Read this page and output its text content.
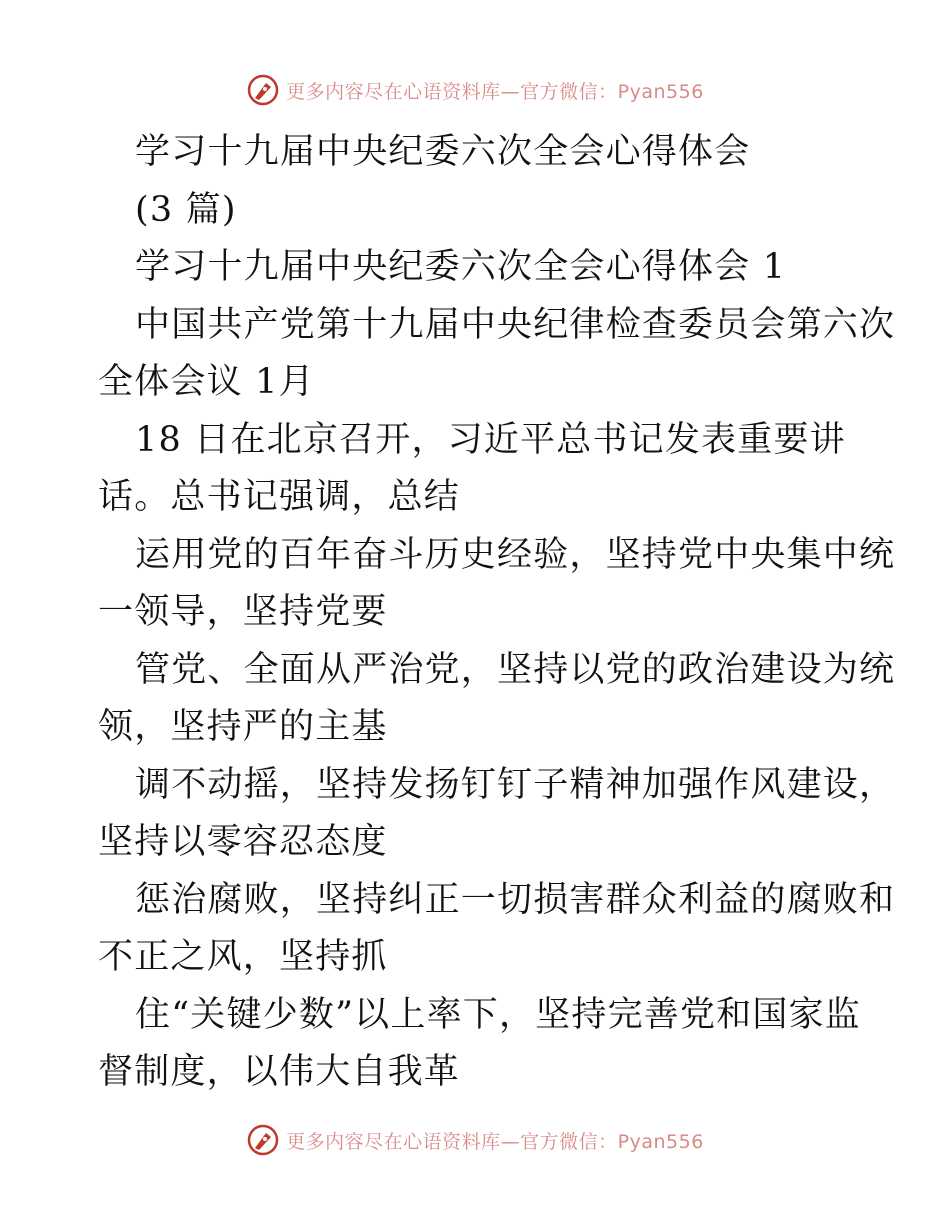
更多内容尽在心语资料库—官方微信：Pyan556
学习十九届中央纪委六次全会心得体会
(3 篇)
学习十九届中央纪委六次全会心得体会 1
中国共产党第十九届中央纪律检查委员会第六次
全体会议 1月
18 日在北京召开，习近平总书记发表重要讲
话。总书记强调，总结
运用党的百年奋斗历史经验，坚持党中央集中统
一领导，坚持党要
管党、全面从严治党，坚持以党的政治建设为统
领，坚持严的主基
调不动摇，坚持发扬钉钉子精神加强作风建设，
坚持以零容忍态度
惩治腐败，坚持纠正一切损害群众利益的腐败和
不正之风，坚持抓
住“关键少数”以上率下，坚持完善党和国家监
督制度，以伟大自我革
更多内容尽在心语资料库—官方微信：Pyan556
